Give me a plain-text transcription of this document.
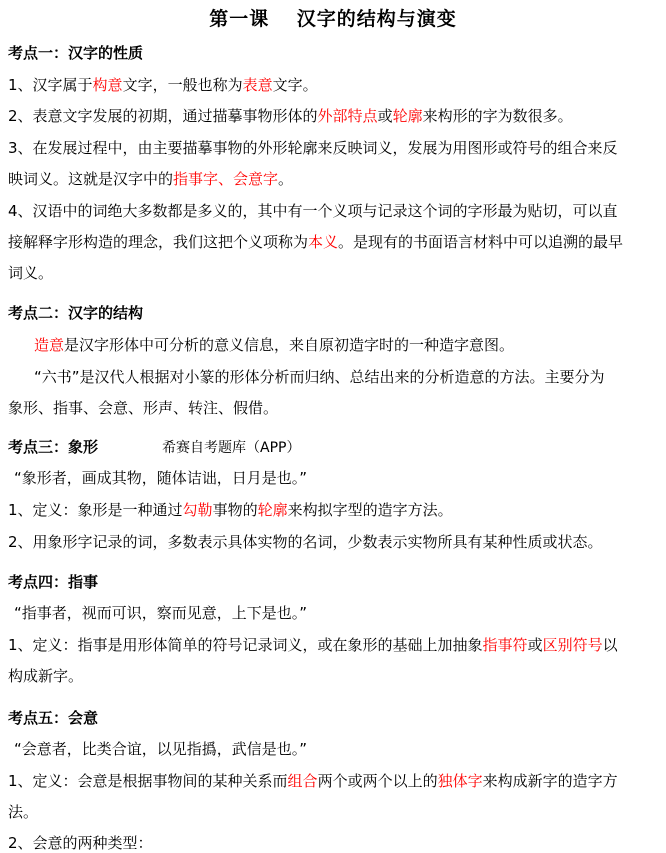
第一课　 汉字的结构与演变
考点一：汉字的性质
1、汉字属于构意文字，一般也称为表意文字。
2、表意文字发展的初期，通过描摹事物形体的外部特点或轮廓来构形的字为数很多。
3、在发展过程中，由主要描摹事物的外形轮廓来反映词义，发展为用图形或符号的组合来反
映词义。这就是汉字中的指事字、会意字。
4、汉语中的词绝大多数都是多义的，其中有一个义项与记录这个词的字形最为贴切，可以直
接解释字形构造的理念，我们这把个义项称为本义。是现有的书面语言材料中可以追溯的最早
词义。
考点二：汉字的结构
造意是汉字形体中可分析的意义信息，来自原初造字时的一种造字意图。
“六书”是汉代人根据对小篆的形体分析而归纳、总结出来的分析造意的方法。主要分为
象形、指事、会意、形声、转注、假借。
考点三：象形	希赛自考题库（APP）
“象形者，画成其物，随体诘诎，日月是也。”
1、定义：象形是一种通过勾勒事物的轮廓来构拟字型的造字方法。
2、用象形字记录的词，多数表示具体实物的名词，少数表示实物所具有某种性质或状态。
考点四：指事
“指事者，视而可识，察而见意，上下是也。”
1、定义：指事是用形体简单的符号记录词义，或在象形的基础上加抽象指事符或区别符号以
构成新字。
考点五：会意
“会意者，比类合谊，以见指撝，武信是也。”
1、定义：会意是根据事物间的某种关系而组合两个或两个以上的独体字来构成新字的造字方
法。
2、会意的两种类型：
